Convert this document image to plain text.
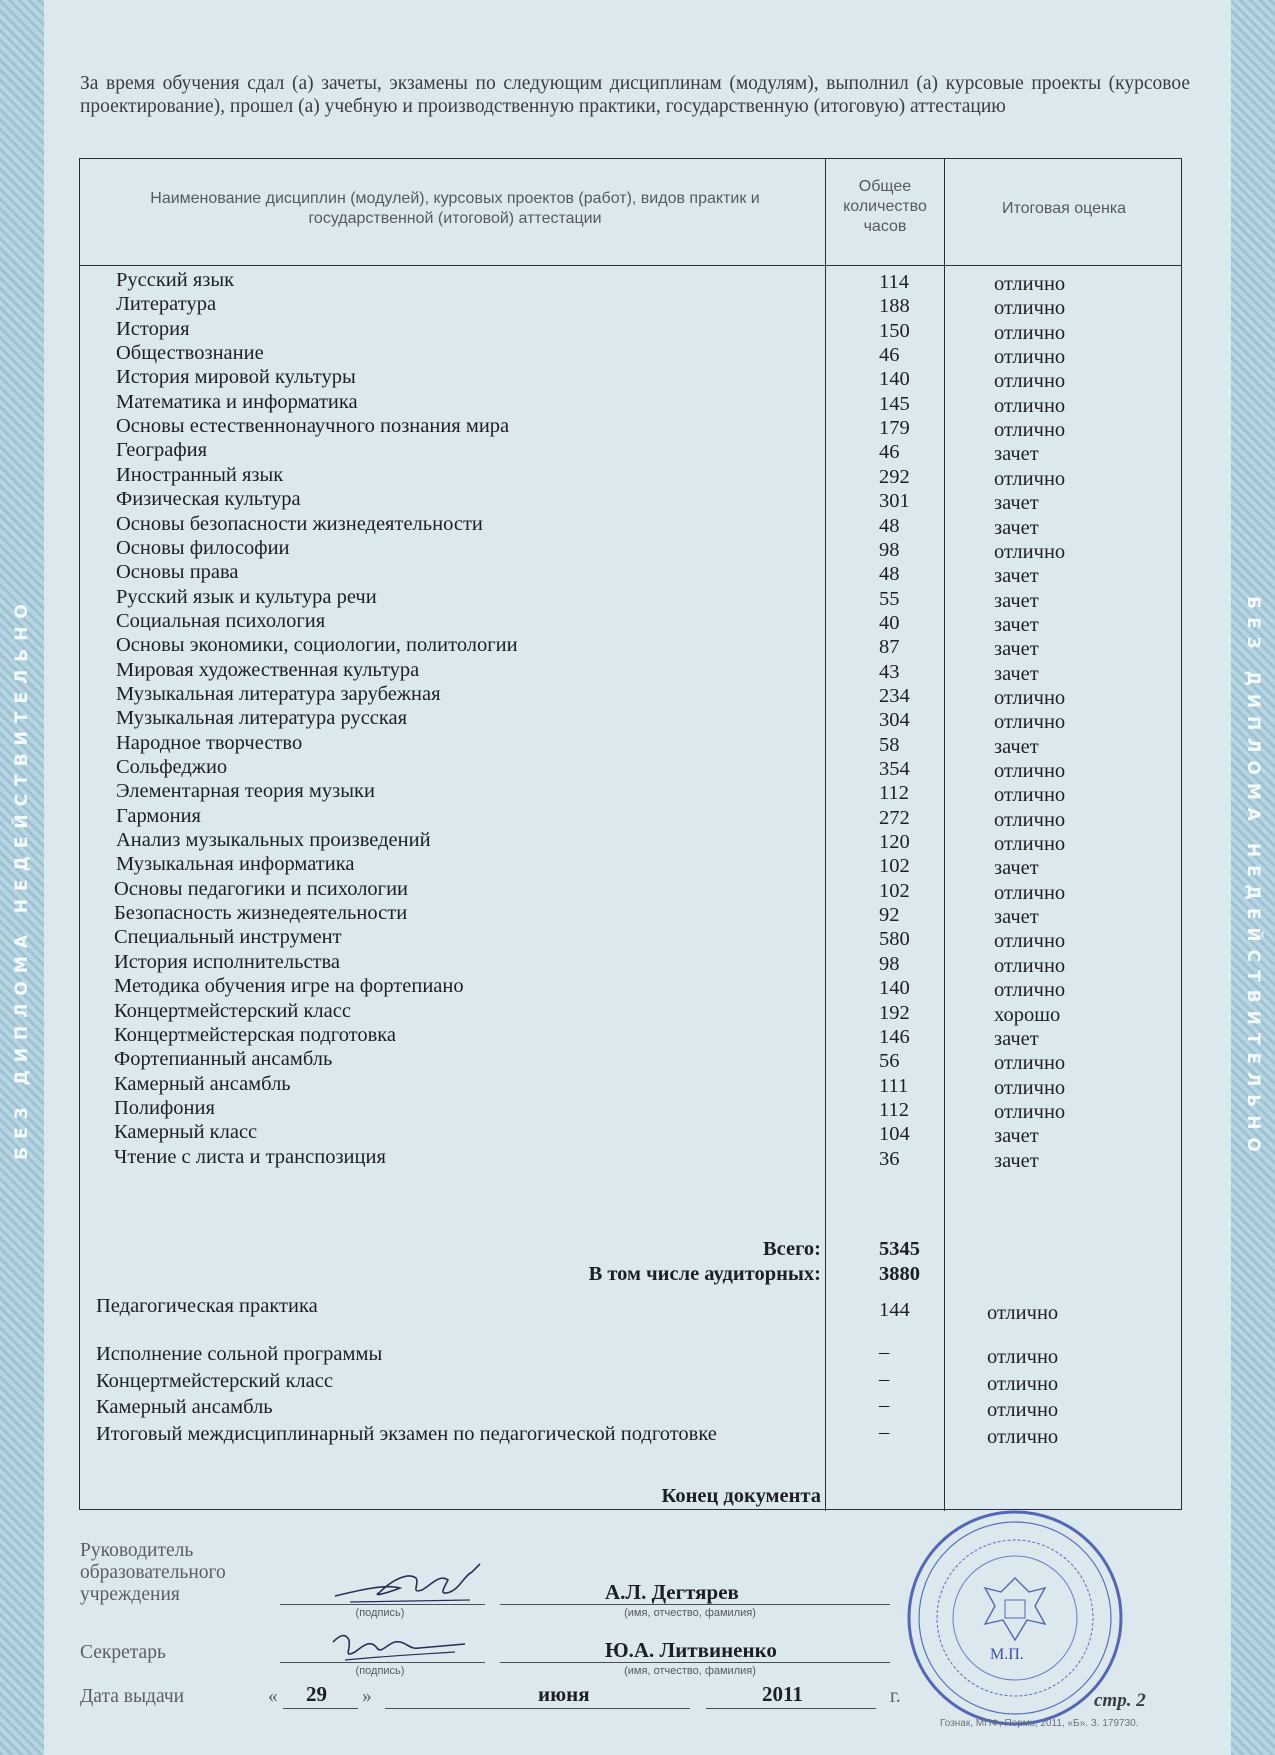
БЕЗ ДИПЛОМА НЕДЕЙСТВИТЕЛЬНО	БЕЗ ДИПЛОМА НЕДЕЙСТВИТЕЛЬНО
За время обучения сдал (а) зачеты, экзамены по следующим дисциплинам (модулям), выполнил (а) курсовые проекты (курсовое проектирование), прошел (а) учебную и производственную практики, государственную (итоговую) аттестацию
Наименование дисциплин (модулей), курсовых проектов (работ), видов практик и государственной (итоговой) аттестации
Общее количество часов
Итоговая оценка
Русский язык	114	отлично
Литература	188	отлично
История	150	отлично
Обществознание	46	отлично
История мировой культуры	140	отлично
Математика и информатика	145	отлично
Основы естественнонаучного познания мира	179	отлично
География	46	зачет
Иностранный язык	292	отлично
Физическая культура	301	зачет
Основы безопасности жизнедеятельности	48	зачет
Основы философии	98	отлично
Основы права	48	зачет
Русский язык и культура речи	55	зачет
Социальная психология	40	зачет
Основы экономики, социологии, политологии	87	зачет
Мировая художественная культура	43	зачет
Музыкальная литература зарубежная	234	отлично
Музыкальная литература русская	304	отлично
Народное творчество	58	зачет
Сольфеджио	354	отлично
Элементарная теория музыки	112	отлично
Гармония	272	отлично
Анализ музыкальных произведений	120	отлично
Музыкальная информатика	102	зачет
Основы педагогики и психологии	102	отлично
Безопасность жизнедеятельности	92	зачет
Специальный инструмент	580	отлично
История исполнительства	98	отлично
Методика обучения игре на фортепиано	140	отлично
Концертмейстерский класс	192	хорошо
Концертмейстерская подготовка	146	зачет
Фортепианный ансамбль	56	отлично
Камерный ансамбль	111	отлично
Полифония	112	отлично
Камерный класс	104	зачет
Чтение с листа и транспозиция	36	зачет
Всего:	5345
В том числе аудиторных:	3880
Педагогическая практика	144	отлично
Исполнение сольной программы	–	отлично
Концертмейстерский класс	–	отлично
Камерный ансамбль	–	отлично
Итоговый междисциплинарный экзамен по педагогической подготовке	–	отлично
Конец документа
Руководитель образовательного учреждения
(подпись)
А.Л. Дегтярев
(имя, отчество, фамилия)
Секретарь
(подпись)
Ю.А. Литвиненко
(имя, отчество, фамилия)
Дата выдачи	« 29 »	июня	2011	г.
М.П.
стр. 2
Гознак, МПФ, Пермь, 2011, «Б». З. 179730.
